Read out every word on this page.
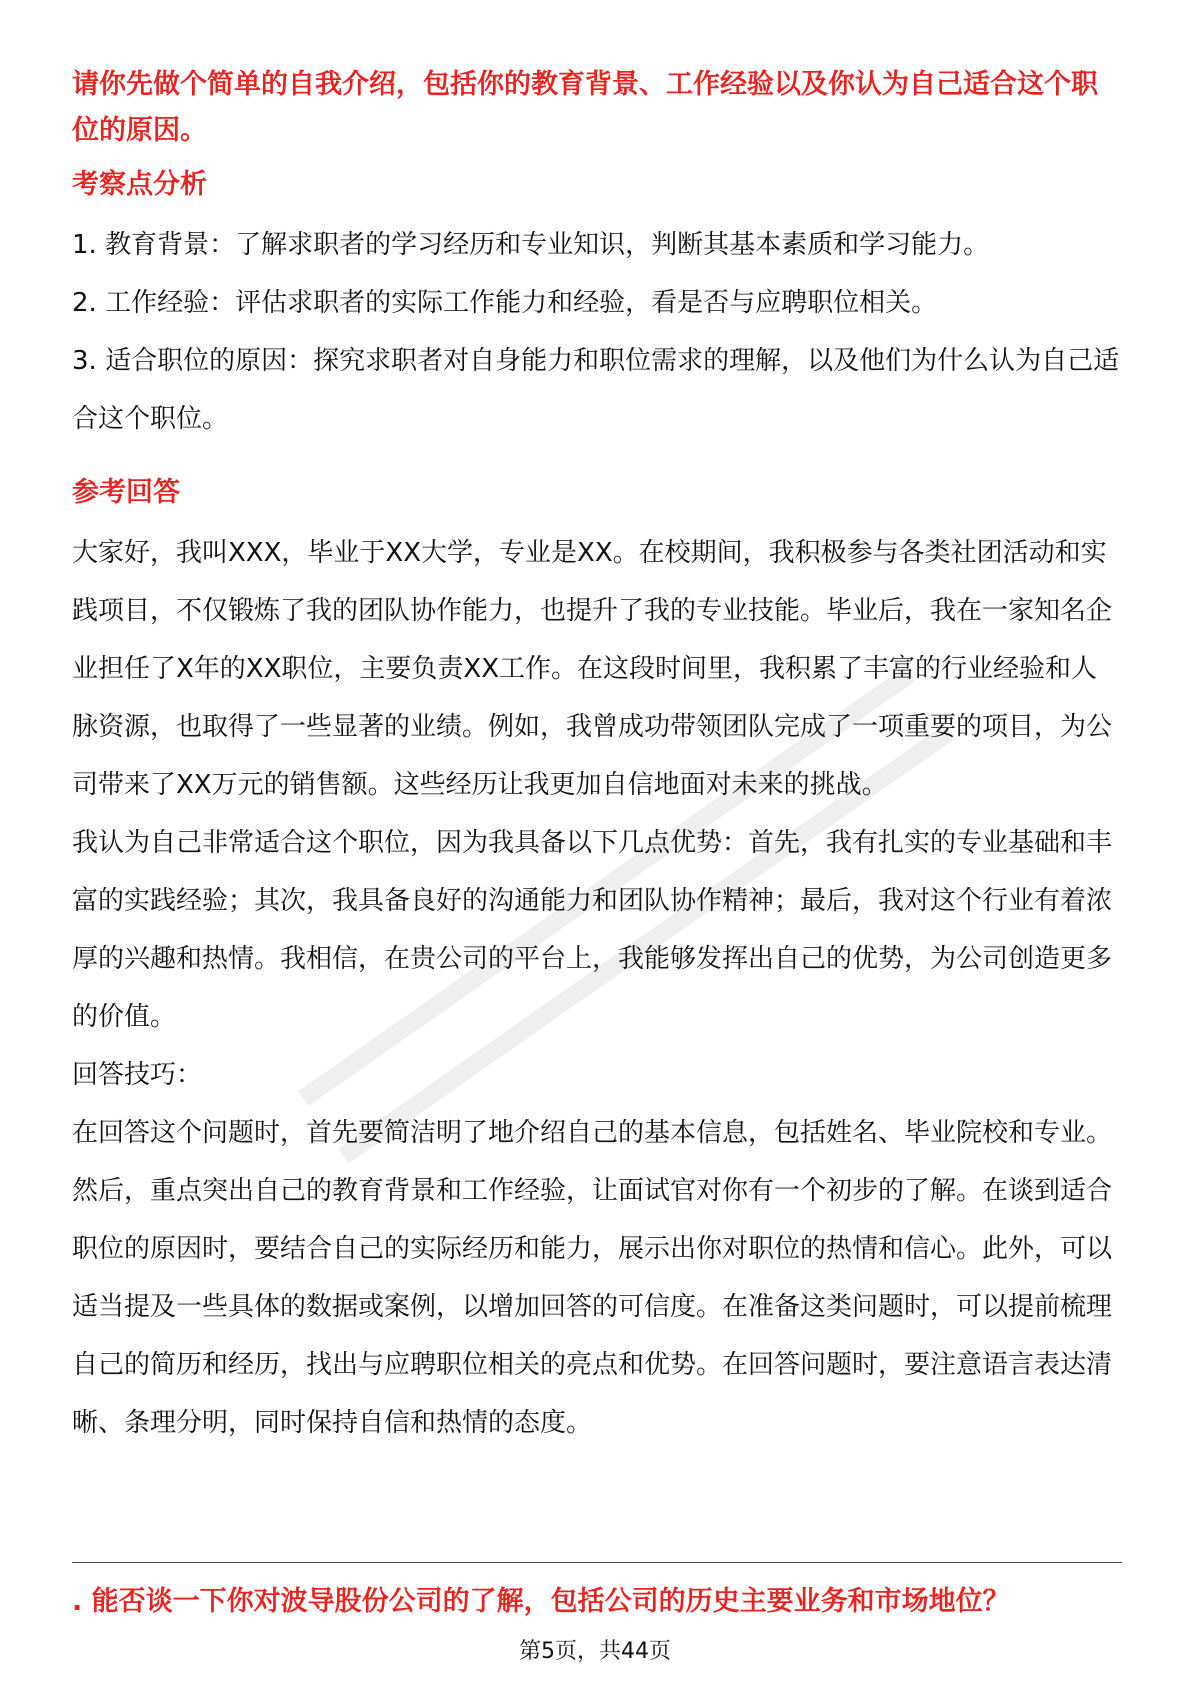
请你先做个简单的自我介绍，包括你的教育背景、工作经验以及你认为自己适合这个职位的原因。

考察点分析

1. 教育背景：了解求职者的学习经历和专业知识，判断其基本素质和学习能力。

2. 工作经验：评估求职者的实际工作能力和经验，看是否与应聘职位相关。

3. 适合职位的原因：探究求职者对自身能力和职位需求的理解，以及他们为什么认为自己适合这个职位。

参考回答

大家好，我叫XXX，毕业于XX大学，专业是XX。在校期间，我积极参与各类社团活动和实践项目，不仅锻炼了我的团队协作能力，也提升了我的专业技能。毕业后，我在一家知名企业担任了X年的XX职位，主要负责XX工作。在这段时间里，我积累了丰富的行业经验和人脉资源，也取得了一些显著的业绩。例如，我曾成功带领团队完成了一项重要的项目，为公司带来了XX万元的销售额。这些经历让我更加自信地面对未来的挑战。

我认为自己非常适合这个职位，因为我具备以下几点优势：首先，我有扎实的专业基础和丰富的实践经验；其次，我具备良好的沟通能力和团队协作精神；最后，我对这个行业有着浓厚的兴趣和热情。我相信，在贵公司的平台上，我能够发挥出自己的优势，为公司创造更多的价值。

回答技巧：

在回答这个问题时，首先要简洁明了地介绍自己的基本信息，包括姓名、毕业院校和专业。然后，重点突出自己的教育背景和工作经验，让面试官对你有一个初步的了解。在谈到适合职位的原因时，要结合自己的实际经历和能力，展示出你对职位的热情和信心。此外，可以适当提及一些具体的数据或案例，以增加回答的可信度。在准备这类问题时，可以提前梳理自己的简历和经历，找出与应聘职位相关的亮点和优势。在回答问题时，要注意语言表达清晰、条理分明，同时保持自信和热情的态度。

. 能否谈一下你对波导股份公司的了解，包括公司的历史主要业务和市场地位？

第5页，共44页
